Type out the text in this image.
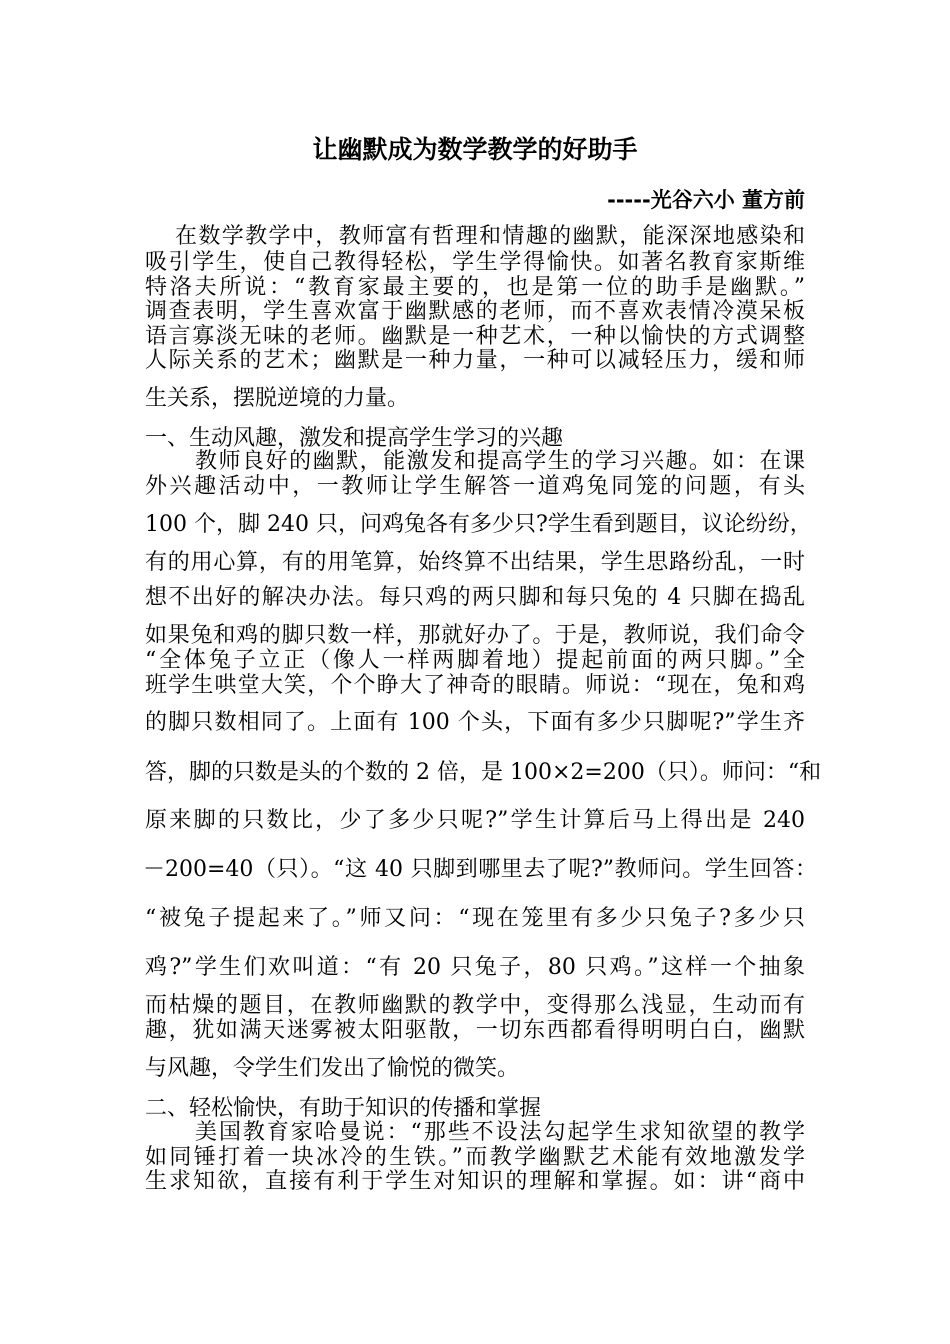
让幽默成为数学教学的好助手
-----光谷六小 董方前
在数学教学中，教师富有哲理和情趣的幽默，能深深地感染和
吸引学生，使自己教得轻松，学生学得愉快。如著名教育家斯维
特洛夫所说：“教育家最主要的，也是第一位的助手是幽默。”
调查表明，学生喜欢富于幽默感的老师，而不喜欢表情冷漠呆板
语言寡淡无味的老师。幽默是一种艺术，一种以愉快的方式调整
人际关系的艺术；幽默是一种力量，一种可以减轻压力，缓和师
生关系，摆脱逆境的力量。
一、生动风趣，激发和提高学生学习的兴趣
教师良好的幽默，能激发和提高学生的学习兴趣。如：在课
外兴趣活动中，一教师让学生解答一道鸡兔同笼的问题，有头
100 个，脚 240 只，问鸡兔各有多少只?学生看到题目，议论纷纷，
有的用心算，有的用笔算，始终算不出结果，学生思路纷乱，一时
想不出好的解决办法。每只鸡的两只脚和每只兔的 4 只脚在捣乱
如果兔和鸡的脚只数一样，那就好办了。于是，教师说，我们命令
“全体兔子立正（像人一样两脚着地）提起前面的两只脚。”全
班学生哄堂大笑，个个睁大了神奇的眼睛。师说：“现在，兔和鸡
的脚只数相同了。上面有 100 个头，下面有多少只脚呢?”学生齐
答，脚的只数是头的个数的 2 倍，是 100×2=200（只）。师问：“和
原来脚的只数比，少了多少只呢?”学生计算后马上得出是 240
－200=40（只）。“这 40 只脚到哪里去了呢?”教师问。学生回答：
“被兔子提起来了。”师又问：“现在笼里有多少只兔子?多少只
鸡?”学生们欢叫道：“有 20 只兔子，80 只鸡。”这样一个抽象
而枯燥的题目，在教师幽默的教学中，变得那么浅显，生动而有
趣，犹如满天迷雾被太阳驱散，一切东西都看得明明白白，幽默
与风趣，令学生们发出了愉悦的微笑。
二、轻松愉快，有助于知识的传播和掌握
美国教育家哈曼说：“那些不设法勾起学生求知欲望的教学
如同锤打着一块冰冷的生铁。”而教学幽默艺术能有效地激发学
生求知欲，直接有利于学生对知识的理解和掌握。如：讲“商中
